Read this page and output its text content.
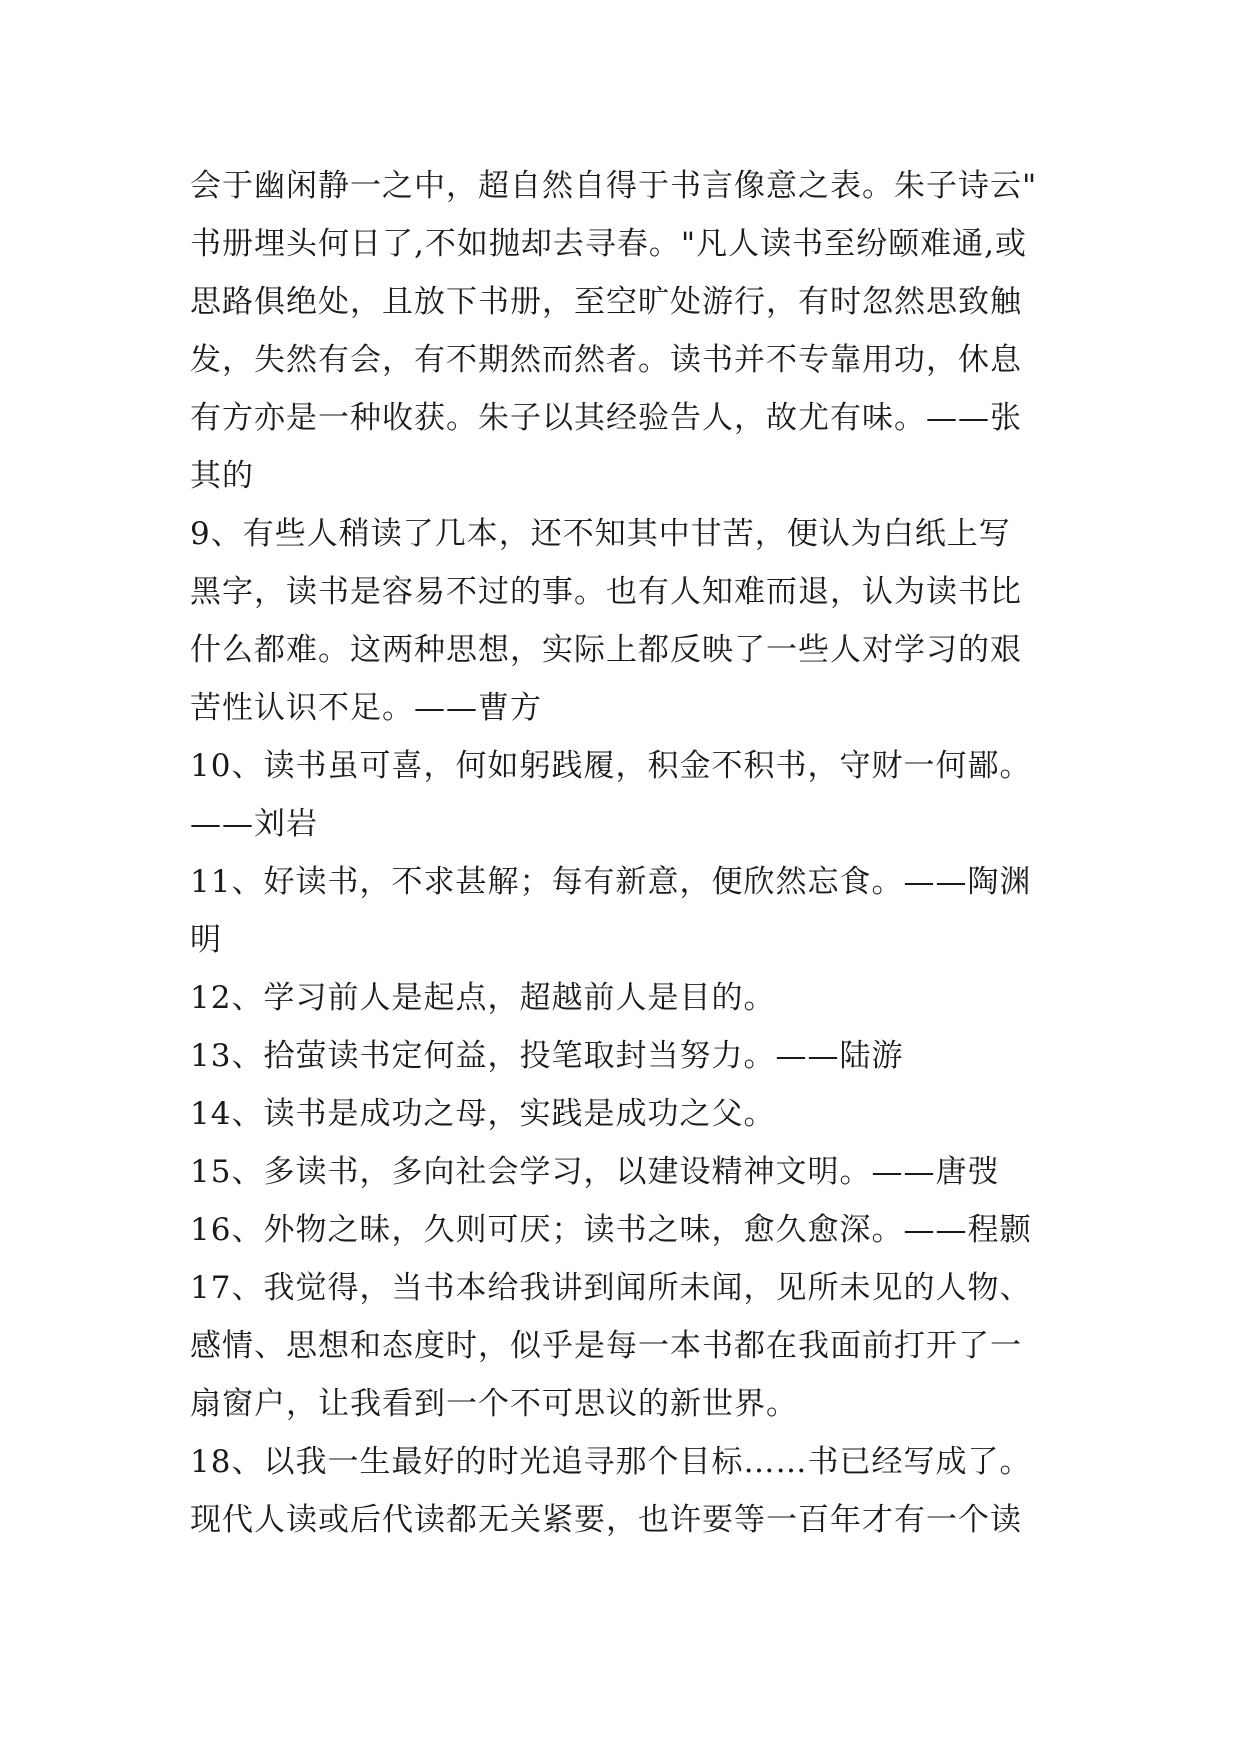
会于幽闲静一之中，超自然自得于书言像意之表。朱子诗云"
书册埋头何日了,不如抛却去寻春。"凡人读书至纷颐难通,或
思路俱绝处，且放下书册，至空旷处游行，有时忽然思致触
发，失然有会，有不期然而然者。读书并不专靠用功，休息
有方亦是一种收获。朱子以其经验告人，故尤有味。——张
其的
9、有些人稍读了几本，还不知其中甘苦，便认为白纸上写
黑字，读书是容易不过的事。也有人知难而退，认为读书比
什么都难。这两种思想，实际上都反映了一些人对学习的艰
苦性认识不足。——曹方
10、读书虽可喜，何如躬践履，积金不积书，守财一何鄙。
——刘岩
11、好读书，不求甚解；每有新意，便欣然忘食。——陶渊
明
12、学习前人是起点，超越前人是目的。
13、拾萤读书定何益，投笔取封当努力。——陆游
14、读书是成功之母，实践是成功之父。
15、多读书，多向社会学习，以建设精神文明。——唐弢
16、外物之昧，久则可厌；读书之味，愈久愈深。——程颢
17、我觉得，当书本给我讲到闻所未闻，见所未见的人物、
感情、思想和态度时，似乎是每一本书都在我面前打开了一
扇窗户，让我看到一个不可思议的新世界。
18、以我一生最好的时光追寻那个目标……书已经写成了。
现代人读或后代读都无关紧要，也许要等一百年才有一个读
